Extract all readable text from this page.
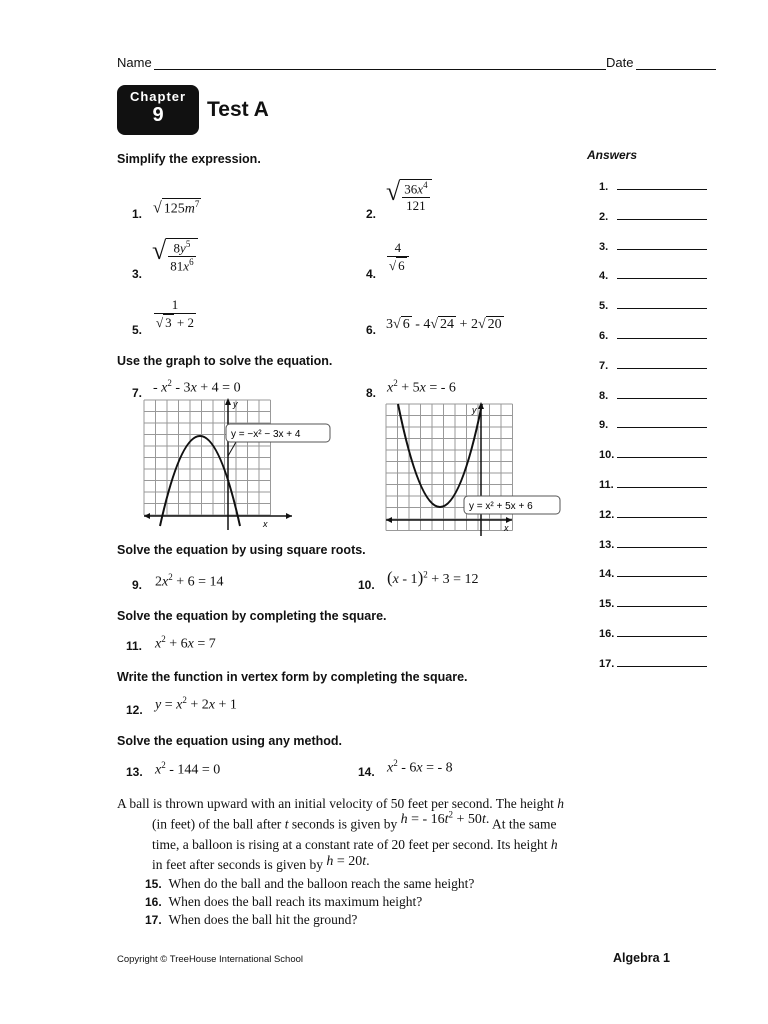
Name	Date
Chapter
9	Test A
Answers
1.
2.
3.
4.
5.
6.
7.
8.
9.
10.
11.
12.
13.
14.
15.
16.
17.
Simplify the expression.
1. √ $125m^7$
2.
√ $\frac{36x^4}{121}$
3.
√ $\frac{8y^5}{81x^6}$	4. $\frac{4}{√ 6}$
5. $\frac{1}{√ 3 + 2}$	6. 3√ 6 - 4√ 24 + 2√ 20
Use the graph to solve the equation.
7. - $x^2 - 3x + 4 = 0$	8. $x^2 + 5x$ = - 6
y
x
y = −x² − 3x + 4
y
x
y = x² + 5x + 6
Solve the equation by using square roots.
9. $2x^2 + 6 = 14$	10. (x - 1)$^2$ + 3 = 12
Solve the equation by completing the square.
11. $x^2 + 6x = 7$
Write the function in vertex form by completing the square.
12. $y = x^2 + 2x + 1$
Solve the equation using any method.
13. $x^2 - 144 = 0$	14. $x^2 - 6x$ = - 8
A ball is thrown upward with an initial velocity of 50 feet per second. The height h
(in feet) of the ball after t seconds is given by h = - $16t^2 + 50t$. At the same
time, a balloon is rising at a constant rate of 20 feet per second. Its height h
in feet after seconds is given by h = 20t.
15. When do the ball and the balloon reach the same height?
16. When does the ball reach its maximum height?
17. When does the ball hit the ground?
Copyright © TreeHouse International School	Algebra 1
